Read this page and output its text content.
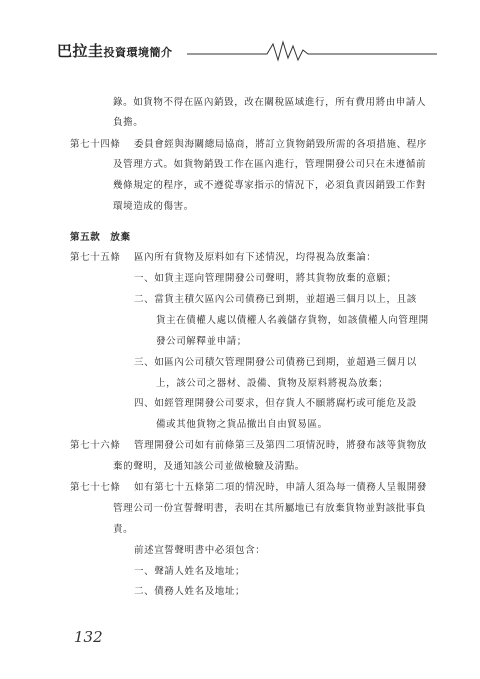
巴拉圭投資環境簡介
錄。如貨物不得在區內銷毀，改在關稅區域進行，所有費用將由申請人
負擔。
第七十四條 委員會經與海關總局協商，將訂立貨物銷毀所需的各項措施、程序
及管理方式。如貨物銷毀工作在區內進行，管理開發公司只在未遵循前
幾條規定的程序，或不遵從專家指示的情況下，必須負責因銷毀工作對
環境造成的傷害。
第五款　放棄
第七十五條 區內所有貨物及原料如有下述情況，均得視為放棄論：
一、如貨主逕向管理開發公司聲明，將其貨物放棄的意願；
二、當貨主積欠區內公司債務已到期，並超過三個月以上，且該
貨主在債權人處以債權人名義儲存貨物，如該債權人向管理開
發公司解釋並申請；
三、如區內公司積欠管理開發公司債務已到期，並超過三個月以
上，該公司之器材、設備、貨物及原料將視為放棄；
四、如經管理開發公司要求，但存貨人不願將腐朽或可能危及設
備或其他貨物之貨品撤出自由貿易區。
第七十六條 管理開發公司如有前條第三及第四二項情況時，將發布該等貨物放
棄的聲明，及通知該公司並做檢驗及清點。
第七十七條 如有第七十五條第二項的情況時，申請人須為每一債務人呈報開發
管理公司一份宣誓聲明書，表明在其所屬地已有放棄貨物並對該批事負
責。
前述宣誓聲明書中必須包含：
一、聲請人姓名及地址；
二、債務人姓名及地址；
132
